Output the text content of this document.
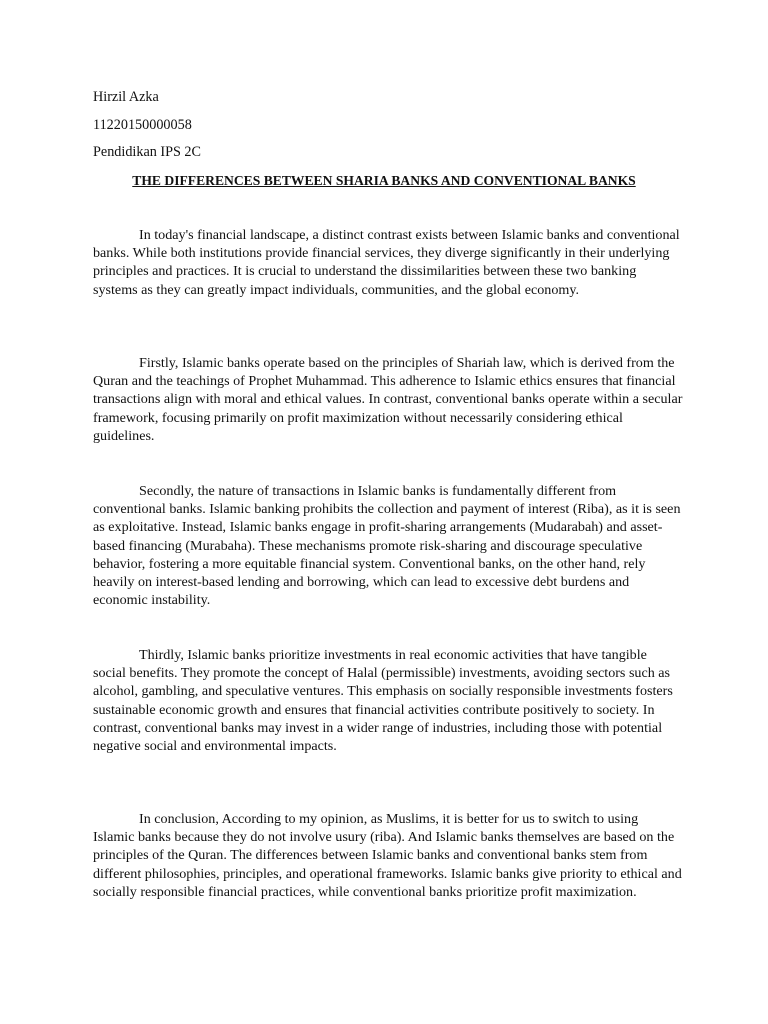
Hirzil Azka
11220150000058
Pendidikan IPS 2C
THE DIFFERENCES BETWEEN SHARIA BANKS AND CONVENTIONAL BANKS

In today's financial landscape, a distinct contrast exists between Islamic banks and conventional banks. While both institutions provide financial services, they diverge significantly in their underlying principles and practices. It is crucial to understand the dissimilarities between these two banking systems as they can greatly impact individuals, communities, and the global economy.

Firstly, Islamic banks operate based on the principles of Shariah law, which is derived from the Quran and the teachings of Prophet Muhammad. This adherence to Islamic ethics ensures that financial transactions align with moral and ethical values. In contrast, conventional banks operate within a secular framework, focusing primarily on profit maximization without necessarily considering ethical guidelines.

Secondly, the nature of transactions in Islamic banks is fundamentally different from conventional banks. Islamic banking prohibits the collection and payment of interest (Riba), as it is seen as exploitative. Instead, Islamic banks engage in profit-sharing arrangements (Mudarabah) and asset-based financing (Murabaha). These mechanisms promote risk-sharing and discourage speculative behavior, fostering a more equitable financial system. Conventional banks, on the other hand, rely heavily on interest-based lending and borrowing, which can lead to excessive debt burdens and economic instability.

Thirdly, Islamic banks prioritize investments in real economic activities that have tangible social benefits. They promote the concept of Halal (permissible) investments, avoiding sectors such as alcohol, gambling, and speculative ventures. This emphasis on socially responsible investments fosters sustainable economic growth and ensures that financial activities contribute positively to society. In contrast, conventional banks may invest in a wider range of industries, including those with potential negative social and environmental impacts.

In conclusion, According to my opinion, as Muslims, it is better for us to switch to using Islamic banks because they do not involve usury (riba). And Islamic banks themselves are based on the principles of the Quran. The differences between Islamic banks and conventional banks stem from different philosophies, principles, and operational frameworks. Islamic banks give priority to ethical and socially responsible financial practices, while conventional banks prioritize profit maximization.
